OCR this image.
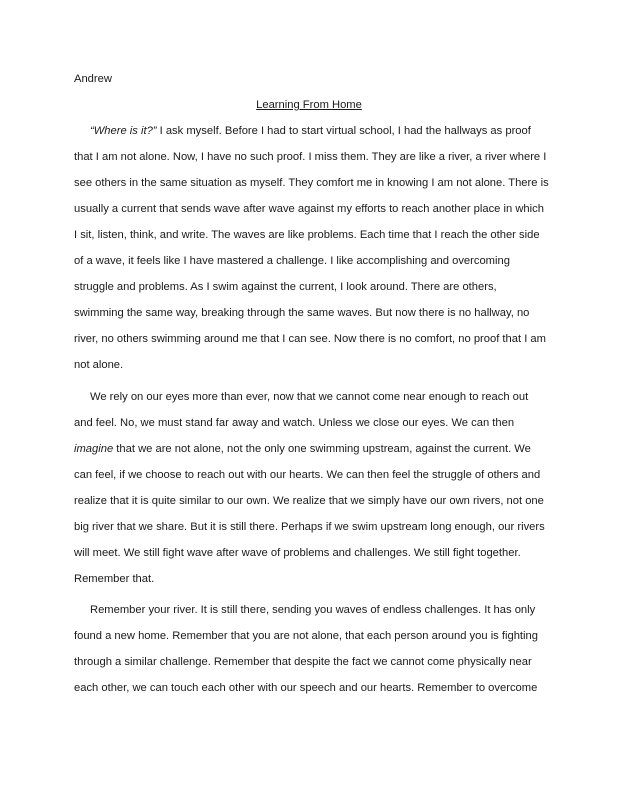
Andrew

Learning From Home

“Where is it?” I ask myself. Before I had to start virtual school, I had the hallways as proof

that I am not alone. Now, I have no such proof. I miss them. They are like a river, a river where I

see others in the same situation as myself. They comfort me in knowing I am not alone. There is

usually a current that sends wave after wave against my efforts to reach another place in which

I sit, listen, think, and write. The waves are like problems. Each time that I reach the other side

of a wave, it feels like I have mastered a challenge. I like accomplishing and overcoming

struggle and problems. As I swim against the current, I look around. There are others,

swimming the same way, breaking through the same waves. But now there is no hallway, no

river, no others swimming around me that I can see. Now there is no comfort, no proof that I am

not alone.

We rely on our eyes more than ever, now that we cannot come near enough to reach out

and feel. No, we must stand far away and watch. Unless we close our eyes. We can then

imagine that we are not alone, not the only one swimming upstream, against the current. We

can feel, if we choose to reach out with our hearts. We can then feel the struggle of others and

realize that it is quite similar to our own. We realize that we simply have our own rivers, not one

big river that we share. But it is still there. Perhaps if we swim upstream long enough, our rivers

will meet. We still fight wave after wave of problems and challenges. We still fight together.

Remember that.

Remember your river. It is still there, sending you waves of endless challenges. It has only

found a new home. Remember that you are not alone, that each person around you is fighting

through a similar challenge. Remember that despite the fact we cannot come physically near

each other, we can touch each other with our speech and our hearts. Remember to overcome
